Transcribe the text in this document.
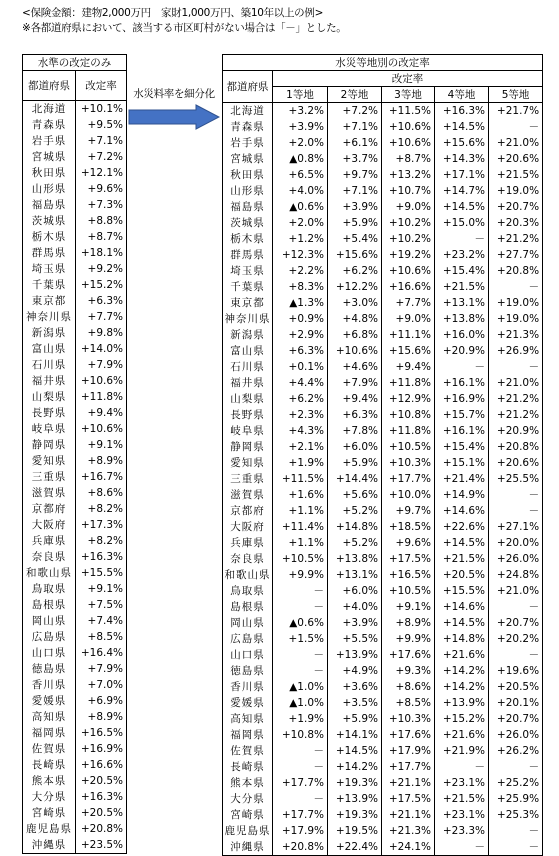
<保険金額：建物2,000万円　家財1,000万円、築10年以上の例>
※各都道府県において、該当する市区町村がない場合は「－」とした。
水準の改定のみ	
都道府県	改定率
北海道	+10.1%
青森県	+9.5%
岩手県	+7.1%
宮城県	+7.2%
秋田県	+12.1%
山形県	+9.6%
福島県	+7.3%
茨城県	+8.8%
栃木県	+8.7%
群馬県	+18.1%
埼玉県	+9.2%
千葉県	+15.2%
東京都	+6.3%
神奈川県	+7.7%
新潟県	+9.8%
富山県	+14.0%
石川県	+7.9%
福井県	+10.6%
山梨県	+11.8%
長野県	+9.4%
岐阜県	+10.6%
静岡県	+9.1%
愛知県	+8.9%
三重県	+16.7%
滋賀県	+8.6%
京都府	+8.2%
大阪府	+17.3%
兵庫県	+8.2%
奈良県	+16.3%
和歌山県	+15.5%
鳥取県	+9.1%
島根県	+7.5%
岡山県	+7.4%
広島県	+8.5%
山口県	+16.4%
徳島県	+7.9%
香川県	+7.0%
愛媛県	+6.9%
高知県	+8.9%
福岡県	+16.5%
佐賀県	+16.9%
長崎県	+16.6%
熊本県	+20.5%
大分県	+16.3%
宮崎県	+20.5%
鹿児島県	+20.8%
沖縄県	+23.5%
水災料率を細分化
水災等地別の改定率					
都道府県	改定率				
	1等地	2等地	3等地	4等地	5等地
北海道	+3.2%	+7.2%	+11.5%	+16.3%	+21.7%
青森県	+3.9%	+7.1%	+10.6%	+14.5%	－
岩手県	+2.0%	+6.1%	+10.6%	+15.6%	+21.0%
宮城県	▲0.8%	+3.7%	+8.7%	+14.3%	+20.6%
秋田県	+6.5%	+9.7%	+13.2%	+17.1%	+21.5%
山形県	+4.0%	+7.1%	+10.7%	+14.7%	+19.0%
福島県	▲0.6%	+3.9%	+9.0%	+14.5%	+20.7%
茨城県	+2.0%	+5.9%	+10.2%	+15.0%	+20.3%
栃木県	+1.2%	+5.4%	+10.2%	－	+21.2%
群馬県	+12.3%	+15.6%	+19.2%	+23.2%	+27.7%
埼玉県	+2.2%	+6.2%	+10.6%	+15.4%	+20.8%
千葉県	+8.3%	+12.2%	+16.6%	+21.5%	－
東京都	▲1.3%	+3.0%	+7.7%	+13.1%	+19.0%
神奈川県	+0.9%	+4.8%	+9.0%	+13.8%	+19.0%
新潟県	+2.9%	+6.8%	+11.1%	+16.0%	+21.3%
富山県	+6.3%	+10.6%	+15.6%	+20.9%	+26.9%
石川県	+0.1%	+4.6%	+9.4%	－	－
福井県	+4.4%	+7.9%	+11.8%	+16.1%	+21.0%
山梨県	+6.2%	+9.4%	+12.9%	+16.9%	+21.2%
長野県	+2.3%	+6.3%	+10.8%	+15.7%	+21.2%
岐阜県	+4.3%	+7.8%	+11.8%	+16.1%	+20.9%
静岡県	+2.1%	+6.0%	+10.5%	+15.4%	+20.8%
愛知県	+1.9%	+5.9%	+10.3%	+15.1%	+20.6%
三重県	+11.5%	+14.4%	+17.7%	+21.4%	+25.5%
滋賀県	+1.6%	+5.6%	+10.0%	+14.9%	－
京都府	+1.1%	+5.2%	+9.7%	+14.6%	－
大阪府	+11.4%	+14.8%	+18.5%	+22.6%	+27.1%
兵庫県	+1.1%	+5.2%	+9.6%	+14.5%	+20.0%
奈良県	+10.5%	+13.8%	+17.5%	+21.5%	+26.0%
和歌山県	+9.9%	+13.1%	+16.5%	+20.5%	+24.8%
鳥取県	－	+6.0%	+10.5%	+15.5%	+21.0%
島根県	－	+4.0%	+9.1%	+14.6%	－
岡山県	▲0.6%	+3.9%	+8.9%	+14.5%	+20.7%
広島県	+1.5%	+5.5%	+9.9%	+14.8%	+20.2%
山口県	－	+13.9%	+17.6%	+21.6%	－
徳島県	－	+4.9%	+9.3%	+14.2%	+19.6%
香川県	▲1.0%	+3.6%	+8.6%	+14.2%	+20.5%
愛媛県	▲1.0%	+3.5%	+8.5%	+13.9%	+20.1%
高知県	+1.9%	+5.9%	+10.3%	+15.2%	+20.7%
福岡県	+10.8%	+14.1%	+17.6%	+21.6%	+26.0%
佐賀県	－	+14.5%	+17.9%	+21.9%	+26.2%
長崎県	－	+14.2%	+17.7%	－	－
熊本県	+17.7%	+19.3%	+21.1%	+23.1%	+25.2%
大分県	－	+13.9%	+17.5%	+21.5%	+25.9%
宮崎県	+17.7%	+19.3%	+21.1%	+23.1%	+25.3%
鹿児島県	+17.9%	+19.5%	+21.3%	+23.3%	－
沖縄県	+20.8%	+22.4%	+24.1%	－	－
